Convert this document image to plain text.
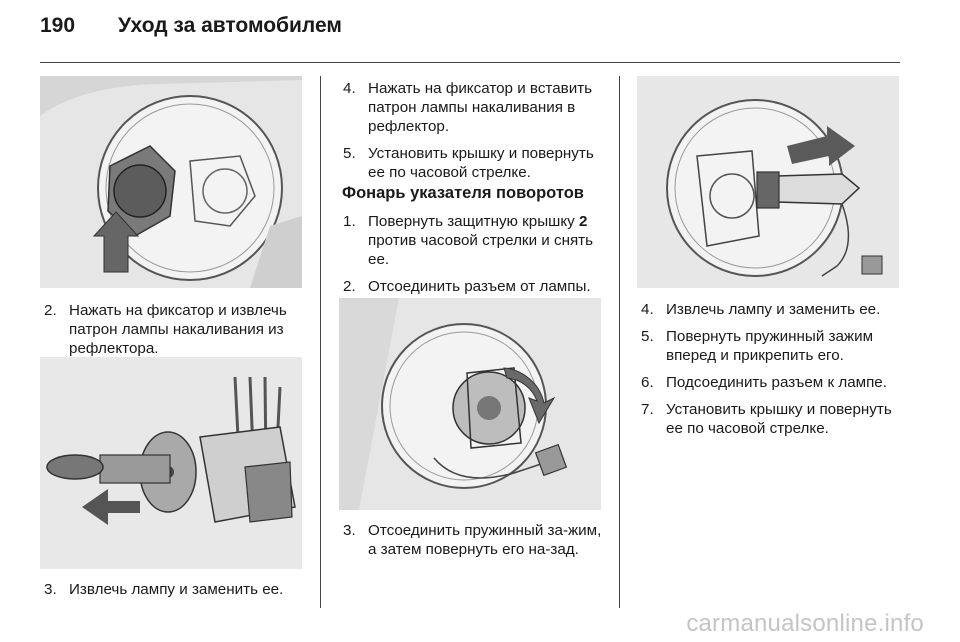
190	Уход за автомобилем
2. Нажать на фиксатор и извлечь патрон лампы накаливания из рефлектора.
3. Извлечь лампу и заменить ее.
4. Нажать на фиксатор и вставить патрон лампы накаливания в рефлектор.
5. Установить крышку и повернуть ее по часовой стрелке.
Фонарь указателя поворотов
1. Повернуть защитную крышку 2 против часовой стрелки и снять ее.
2. Отсоединить разъем от лампы.
3. Отсоединить пружинный за-жим, а затем повернуть его на-зад.
4. Извлечь лампу и заменить ее.
5. Повернуть пружинный зажим вперед и прикрепить его.
6. Подсоединить разъем к лампе.
7. Установить крышку и повернуть ее по часовой стрелке.
carmanualsonline.info
